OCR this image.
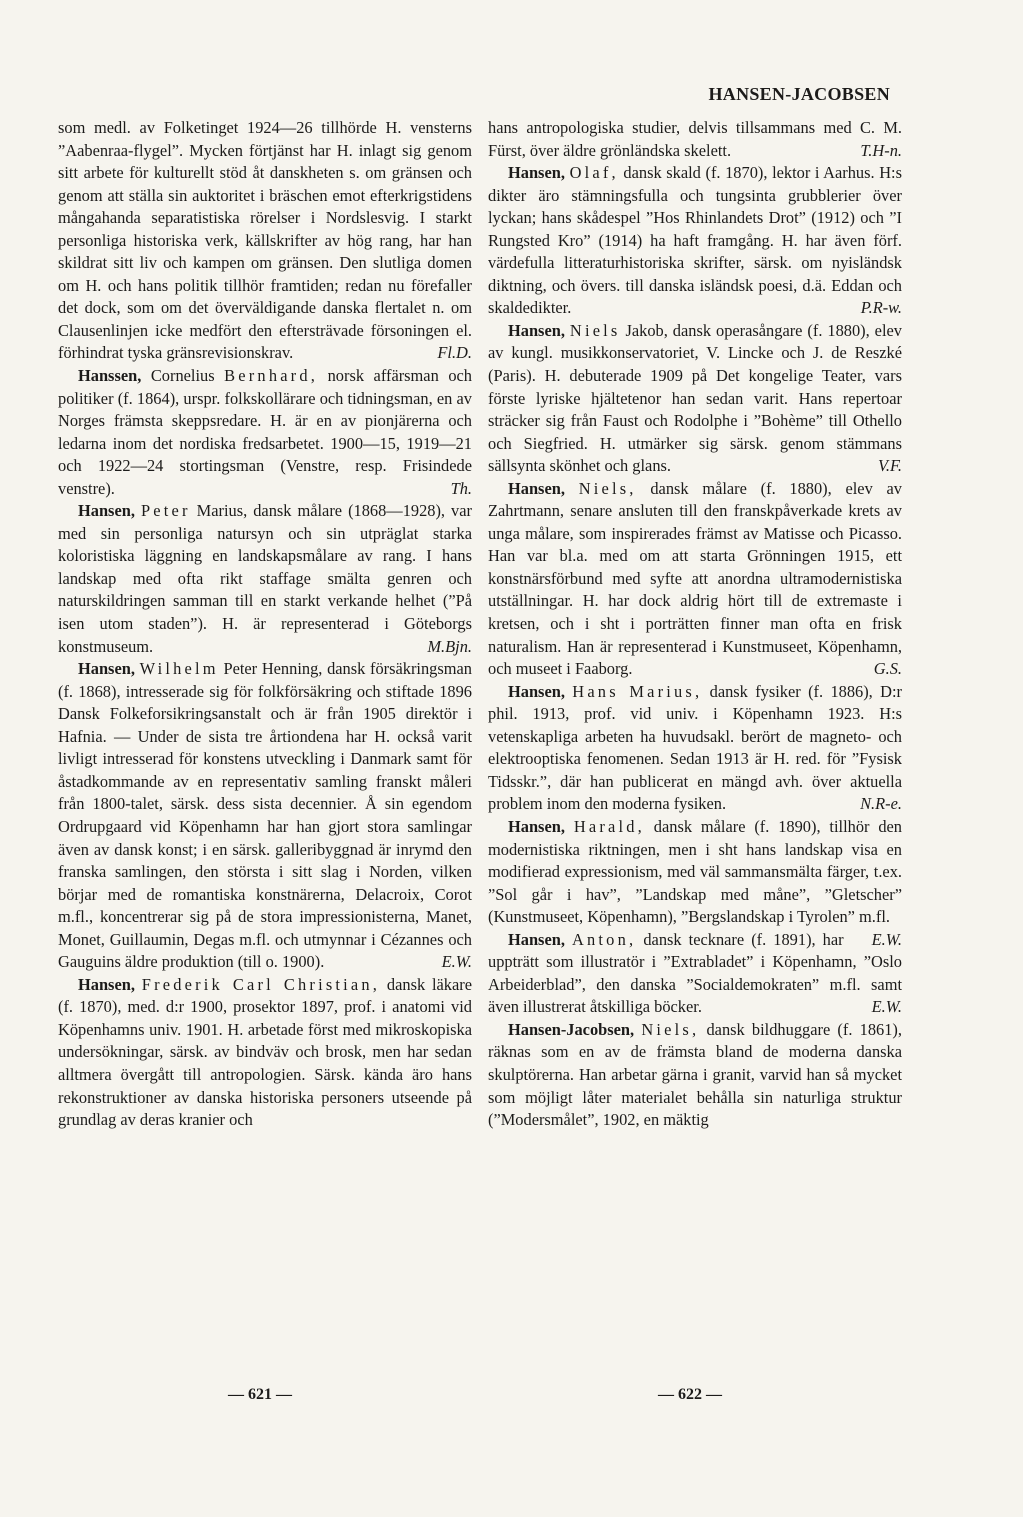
HANSEN-JACOBSEN

som medl. av Folketinget 1924—26 tillhörde H. vensterns ”Aabenraa-flygel”. Mycken förtjänst har H. inlagt sig genom sitt arbete för kulturellt stöd åt danskheten s. om gränsen och genom att ställa sin auktoritet i bräschen emot efterkrigstidens mångahanda separatistiska rörelser i Nordslesvig. I starkt personliga historiska verk, källskrifter av hög rang, har han skildrat sitt liv och kampen om gränsen. Den slutliga domen om H. och hans politik tillhör framtiden; redan nu förefaller det dock, som om det överväldigande danska flertalet n. om Clausenlinjen icke medfört den eftersträvade försoningen el. förhindrat tyska gränsrevisionskrav.	Fl.D.

Hanssen, Cornelius Bernhard, norsk affärsman och politiker (f. 1864), urspr. folkskollärare och tidningsman, en av Norges främsta skeppsredare. H. är en av pionjärerna och ledarna inom det nordiska fredsarbetet. 1900—15, 1919—21 och 1922—24 stortingsman (Venstre, resp. Frisindede venstre).	Th.

Hansen, Peter Marius, dansk målare (1868—1928), var med sin personliga natursyn och sin utpräglat starka koloristiska läggning en landskapsmålare av rang. I hans landskap med ofta rikt staffage smälta genren och naturskildringen samman till en starkt verkande helhet (”På isen utom staden”). H. är representerad i Göteborgs konstmuseum.	M.Bjn.

Hansen, Wilhelm Peter Henning, dansk försäkringsman (f. 1868), intresserade sig för folkförsäkring och stiftade 1896 Dansk Folkeforsikringsanstalt och är från 1905 direktör i Hafnia. — Under de sista tre årtiondena har H. också varit livligt intresserad för konstens utveckling i Danmark samt för åstadkommande av en representativ samling franskt måleri från 1800-talet, särsk. dess sista decennier. Å sin egendom Ordrupgaard vid Köpenhamn har han gjort stora samlingar även av dansk konst; i en särsk. galleribyggnad är inrymd den franska samlingen, den största i sitt slag i Norden, vilken börjar med de romantiska konstnärerna, Delacroix, Corot m.fl., koncentrerar sig på de stora impressionisterna, Manet, Monet, Guillaumin, Degas m.fl. och utmynnar i Cézannes och Gauguins äldre produktion (till o. 1900).	E.W.

Hansen, Frederik Carl Christian, dansk läkare (f. 1870), med. d:r 1900, prosektor 1897, prof. i anatomi vid Köpenhamns univ. 1901. H. arbetade först med mikroskopiska undersökningar, särsk. av bindväv och brosk, men har sedan alltmera övergått till antropologien. Särsk. kända äro hans rekonstruktioner av danska historiska personers utseende på grundlag av deras kranier och

hans antropologiska studier, delvis tillsammans med C. M. Fürst, över äldre grönländska skelett.	T.H-n.

Hansen, Olaf, dansk skald (f. 1870), lektor i Aarhus. H:s dikter äro stämningsfulla och tungsinta grubblerier över lyckan; hans skådespel ”Hos Rhinlandets Drot” (1912) och ”I Rungsted Kro” (1914) ha haft framgång. H. har även förf. värdefulla litteraturhistoriska skrifter, särsk. om nyisländsk diktning, och övers. till danska isländsk poesi, d.ä. Eddan och skaldedikter.	P.R-w.

Hansen, Niels Jakob, dansk operasångare (f. 1880), elev av kungl. musikkonservatoriet, V. Lincke och J. de Reszké (Paris). H. debuterade 1909 på Det kongelige Teater, vars förste lyriske hjältetenor han sedan varit. Hans repertoar sträcker sig från Faust och Rodolphe i ”Bohème” till Othello och Siegfried. H. utmärker sig särsk. genom stämmans sällsynta skönhet och glans.	V.F.

Hansen, Niels, dansk målare (f. 1880), elev av Zahrtmann, senare ansluten till den franskpåverkade krets av unga målare, som inspirerades främst av Matisse och Picasso. Han var bl.a. med om att starta Grönningen 1915, ett konstnärsförbund med syfte att anordna ultramodernistiska utställningar. H. har dock aldrig hört till de extremaste i kretsen, och i sht i porträtten finner man ofta en frisk naturalism. Han är representerad i Kunstmuseet, Köpenhamn, och museet i Faaborg.	G.S.

Hansen, Hans Marius, dansk fysiker (f. 1886), D:r phil. 1913, prof. vid univ. i Köpenhamn 1923. H:s vetenskapliga arbeten ha huvudsakl. berört de magneto- och elektrooptiska fenomenen. Sedan 1913 är H. red. för ”Fysisk Tidsskr.”, där han publicerat en mängd avh. över aktuella problem inom den moderna fysiken.	N.R-e.

Hansen, Harald, dansk målare (f. 1890), tillhör den modernistiska riktningen, men i sht hans landskap visa en modifierad expressionism, med väl sammansmälta färger, t.ex. ”Sol går i hav”, ”Landskap med måne”, ”Gletscher” (Kunstmuseet, Köpenhamn), ”Bergslandskap i Tyrolen” m.fl.
E.W.

Hansen, Anton, dansk tecknare (f. 1891), har uppträtt som illustratör i ”Extrabladet” i Köpenhamn, ”Oslo Arbeiderblad”, den danska ”Socialdemokraten” m.fl. samt även illustrerat åtskilliga böcker.	E.W.

Hansen-Jacobsen, Niels, dansk bildhuggare (f. 1861), räknas som en av de främsta bland de moderna danska skulptörerna. Han arbetar gärna i granit, varvid han så mycket som möjligt låter materialet behålla sin naturliga struktur (”Modersmålet”, 1902, en mäktig

— 621 —	— 622 —
